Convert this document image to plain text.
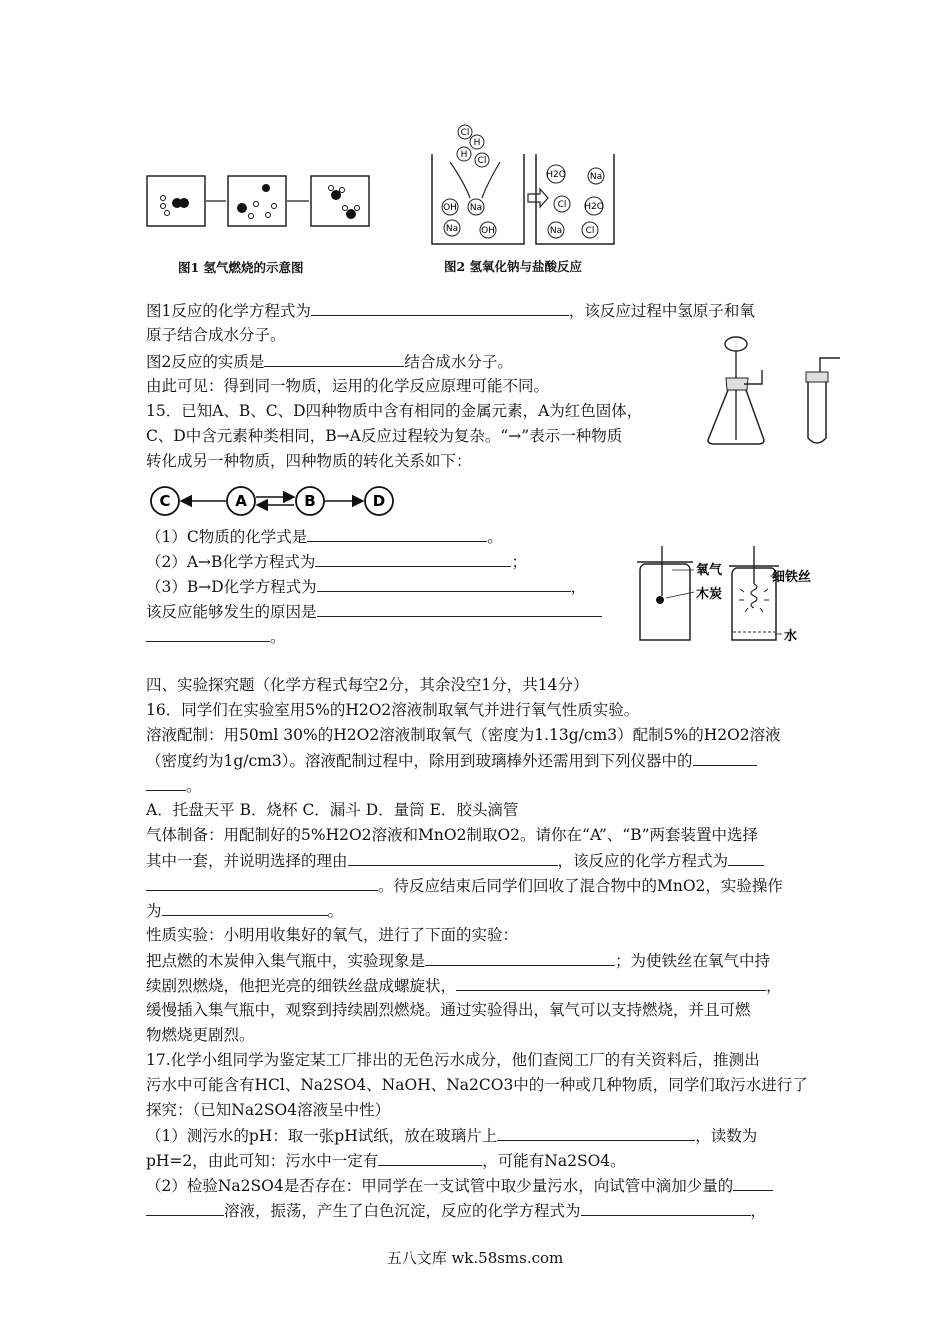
图1 氢气燃烧的示意图
Cl
H
H
Cl
OH Na
Na	OH
H2O	Na
Cl H2O
Na	Cl
图2 氢氧化钠与盐酸反应
C	A	B	D
氧气
木炭
细铁丝
水
图1反应的化学方程式为	，该反应过程中氢原子和氧
原子结合成水分子。
图2反应的实质是	结合成水分子。
由此可见：得到同一物质，运用的化学反应原理可能不同。
15．已知A、B、C、D四种物质中含有相同的金属元素，A为红色固体，
C、D中含元素种类相同，B→A反应过程较为复杂。“→”表示一种物质
转化成另一种物质，四种物质的转化关系如下：
（1）C物质的化学式是	。
（2）A→B化学方程式为	；
（3）B→D化学方程式为	，
该反应能够发生的原因是
。
四、实验探究题（化学方程式每空2分，其余没空1分，共14分）
16．同学们在实验室用5%的H2O2溶液制取氧气并进行氧气性质实验。
溶液配制：用50ml 30%的H2O2溶液制取氧气（密度为1.13g/cm3）配制5%的H2O2溶液
（密度约为1g/cm3）。溶液配制过程中，除用到玻璃棒外还需用到下列仪器中的
。
A．托盘天平 B．烧杯 C．漏斗 D．量筒 E．胶头滴管
气体制备：用配制好的5%H2O2溶液和MnO2制取O2。请你在“A”、“B”两套装置中选择
其中一套，并说明选择的理由	，该反应的化学方程式为
。待反应结束后同学们回收了混合物中的MnO2，实验操作
为	。
性质实验：小明用收集好的氧气，进行了下面的实验：
把点燃的木炭伸入集气瓶中，实验现象是	；为使铁丝在氧气中持
续剧烈燃烧，他把光亮的细铁丝盘成螺旋状，	，
缓慢插入集气瓶中，观察到持续剧烈燃烧。通过实验得出，氧气可以支持燃烧，并且可燃
物燃烧更剧烈。
17.化学小组同学为鉴定某工厂排出的无色污水成分，他们查阅工厂的有关资料后，推测出
污水中可能含有HCl、Na2SO4、NaOH、Na2CO3中的一种或几种物质，同学们取污水进行了
探究：（已知Na2SO4溶液呈中性）
（1）测污水的pH：取一张pH试纸，放在玻璃片上	，读数为
pH=2，由此可知：污水中一定有	，可能有Na2SO4。
（2）检验Na2SO4是否存在：甲同学在一支试管中取少量污水，向试管中滴加少量的
溶液，振荡，产生了白色沉淀，反应的化学方程式为	，
五八文库 wk.58sms.com
